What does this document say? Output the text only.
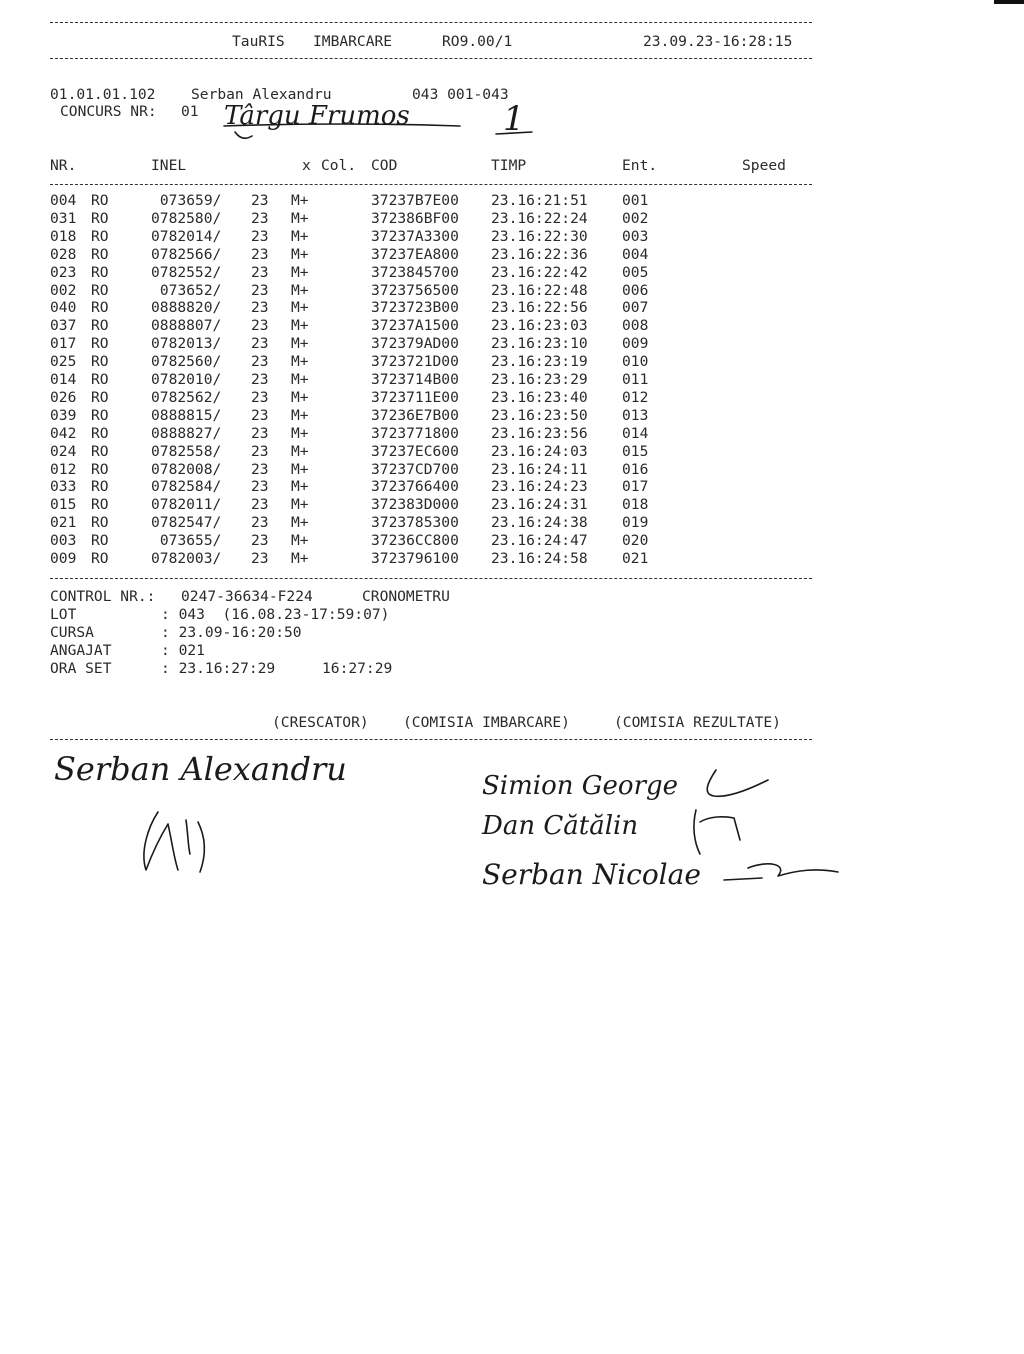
TauRIS IMBARCARE	RO9.00/1	23.09.23-16:28:15
01.01.01.102 Serban Alexandru	043 001-043
CONCURS NR: 01 Târgu Frumos	1
NR.	INEL	x Col. COD	TIMP	Ent.	Speed
004 RO	073659/ 23 M+	37237B7E00 23.16:21:51 001
031 RO	0782580/ 23 M+	372386BF00 23.16:22:24 002
018 RO	0782014/ 23 M+	37237A3300 23.16:22:30 003
028 RO	0782566/ 23 M+	37237EA800 23.16:22:36 004
023 RO	0782552/ 23 M+	3723845700 23.16:22:42 005
002 RO	073652/ 23 M+	3723756500 23.16:22:48 006
040 RO	0888820/ 23 M+	3723723B00 23.16:22:56 007
037 RO	0888807/ 23 M+	37237A1500 23.16:23:03 008
017 RO	0782013/ 23 M+	372379AD00 23.16:23:10 009
025 RO	0782560/ 23 M+	3723721D00 23.16:23:19 010
014 RO	0782010/ 23 M+	3723714B00 23.16:23:29 011
026 RO	0782562/ 23 M+	3723711E00 23.16:23:40 012
039 RO	0888815/ 23 M+	37236E7B00 23.16:23:50 013
042 RO	0888827/ 23 M+	3723771800 23.16:23:56 014
024 RO	0782558/ 23 M+	37237EC600 23.16:24:03 015
012 RO	0782008/ 23 M+	37237CD700 23.16:24:11 016
033 RO	0782584/ 23 M+	3723766400 23.16:24:23 017
015 RO	0782011/ 23 M+	372383D000 23.16:24:31 018
021 RO	0782547/ 23 M+	3723785300 23.16:24:38 019
003 RO	073655/ 23 M+	37236CC800 23.16:24:47 020
009 RO	0782003/ 23 M+	3723796100 23.16:24:58 021
CONTROL NR.: 0247-36634-F224	CRONOMETRU
LOT	: 043  (16.08.23-17:59:07)
CURSA	: 23.09-16:20:50
ANGAJAT	: 021
ORA SET	: 23.16:27:29	16:27:29
(CRESCATOR) (COMISIA IMBARCARE)	(COMISIA REZULTATE)
Serban Alexandru	Simion George
Dan Cătălin
Serban Nicolae
